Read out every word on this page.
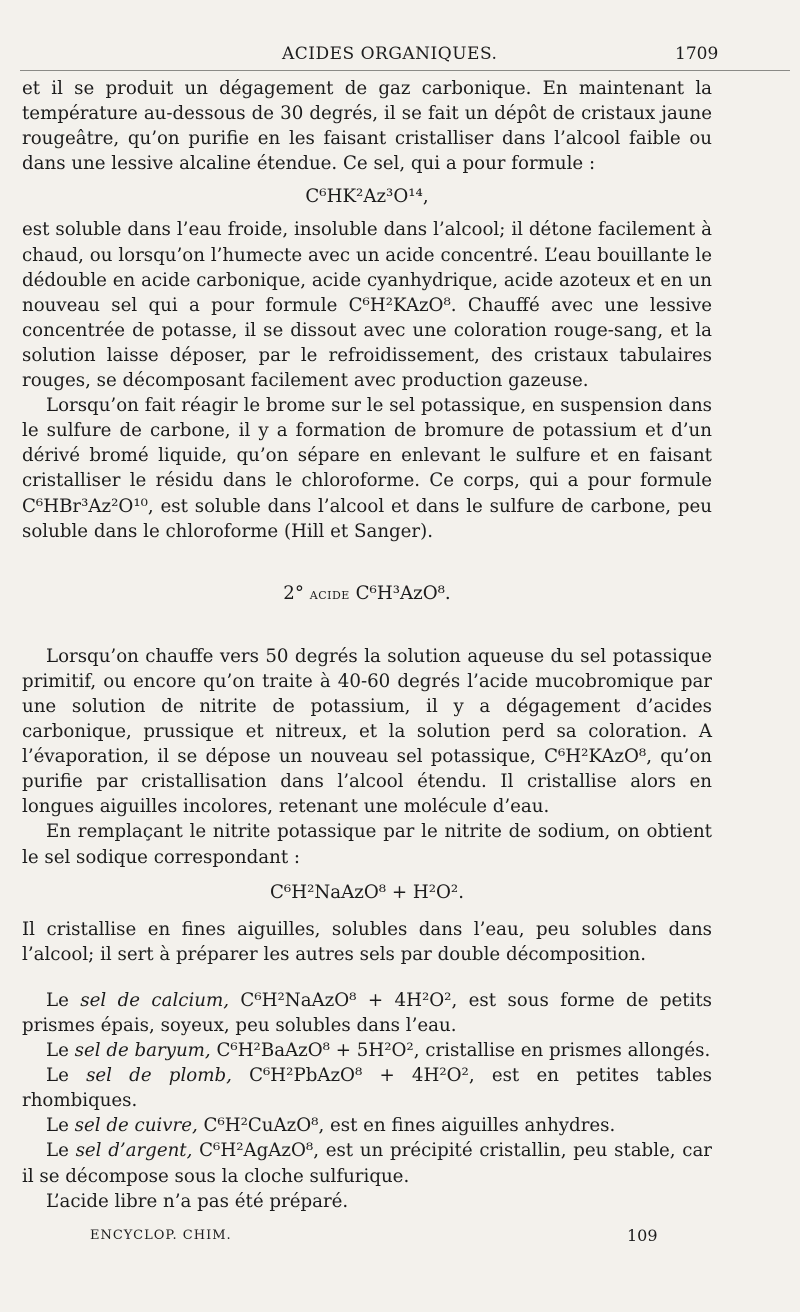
ACIDES ORGANIQUES.	1709

et il se produit un dégagement de gaz carbonique. En maintenant la température au-dessous de 30 degrés, il se fait un dépôt de cristaux jaune rougeâtre, qu’on purifie en les faisant cristalliser dans l’alcool faible ou dans une lessive alcaline étendue. Ce sel, qui a pour formule :

C⁶HK²Az³O¹⁴,

est soluble dans l’eau froide, insoluble dans l’alcool; il détone facilement à chaud, ou lorsqu’on l’humecte avec un acide concentré. L’eau bouillante le dédouble en acide carbonique, acide cyanhydrique, acide azoteux et en un nouveau sel qui a pour formule C⁶H²KAzO⁸. Chauffé avec une lessive concentrée de potasse, il se dissout avec une coloration rouge-sang, et la solution laisse déposer, par le refroidissement, des cristaux tabulaires rouges, se décomposant facilement avec production gazeuse.

Lorsqu’on fait réagir le brome sur le sel potassique, en suspension dans le sulfure de carbone, il y a formation de bromure de potassium et d’un dérivé bromé liquide, qu’on sépare en enlevant le sulfure et en faisant cristalliser le résidu dans le chloroforme. Ce corps, qui a pour formule C⁶HBr³Az²O¹⁰, est soluble dans l’alcool et dans le sulfure de carbone, peu soluble dans le chloroforme (Hill et Sanger).

2° acide C⁶H³AzO⁸.

Lorsqu’on chauffe vers 50 degrés la solution aqueuse du sel potassique primitif, ou encore qu’on traite à 40-60 degrés l’acide mucobromique par une solution de nitrite de potassium, il y a dégagement d’acides carbonique, prussique et nitreux, et la solution perd sa coloration. A l’évaporation, il se dépose un nouveau sel potassique, C⁶H²KAzO⁸, qu’on purifie par cristallisation dans l’alcool étendu. Il cristallise alors en longues aiguilles incolores, retenant une molécule d’eau.

En remplaçant le nitrite potassique par le nitrite de sodium, on obtient le sel sodique correspondant :

C⁶H²NaAzO⁸ + H²O².

Il cristallise en fines aiguilles, solubles dans l’eau, peu solubles dans l’alcool; il sert à préparer les autres sels par double décomposition.

Le sel de calcium, C⁶H²NaAzO⁸ + 4H²O², est sous forme de petits prismes épais, soyeux, peu solubles dans l’eau.

Le sel de baryum, C⁶H²BaAzO⁸ + 5H²O², cristallise en prismes allongés.

Le sel de plomb, C⁶H²PbAzO⁸ + 4H²O², est en petites tables rhombiques.

Le sel de cuivre, C⁶H²CuAzO⁸, est en fines aiguilles anhydres.

Le sel d’argent, C⁶H²AgAzO⁸, est un précipité cristallin, peu stable, car il se décompose sous la cloche sulfurique.

L’acide libre n’a pas été préparé.

ENCYCLOP. CHIM.	109
